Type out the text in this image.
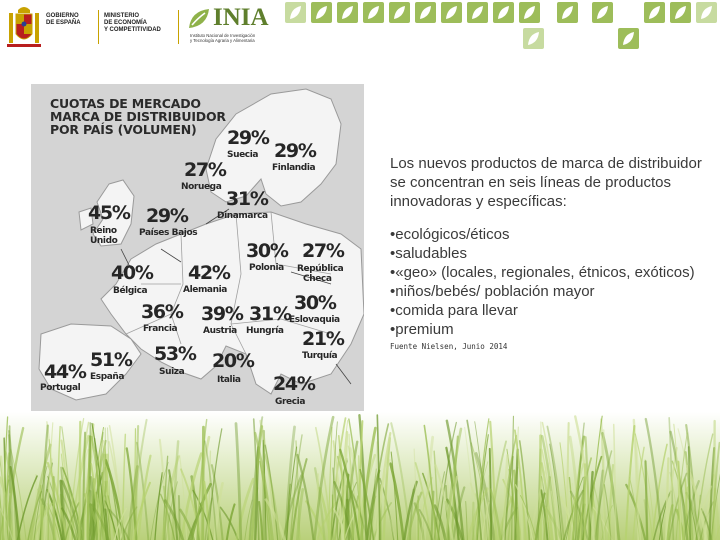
GOBIERNO
DE ESPAÑA
MINISTERIO
DE ECONOMÍA
Y COMPETITIVIDAD INIA
Instituto Nacional de Investigación
y Tecnología Agraria y Alimentaria
CUOTAS DE MERCADO
MARCA DE DISTRIBUIDOR
POR PAÍS (VOLUMEN)	29%
Suecia 29%
Finlandia
27%
Noruega
31%
Dinamarca
45%
Reino
Unido
29%
Países Bajos
30%
Polonia
27%
República
Checa
40%
Bélgica
42%
Alemania
30%
Eslovaquia
36%
Francia
39%
Austria
31%
Hungría 21%
Turquía
51%
España
53%
Suiza 20%
Italia
44%
Portugal	24%
Grecia

Los nuevos productos de marca de distribuidor se concentran en seis líneas de productos innovadoras y específicas:

•ecológicos/éticos
•saludables
•«geo» (locales, regionales, étnicos, exóticos)
•niños/bebés/ población mayor
•comida para llevar
•premium
Fuente Nielsen, Junio 2014
